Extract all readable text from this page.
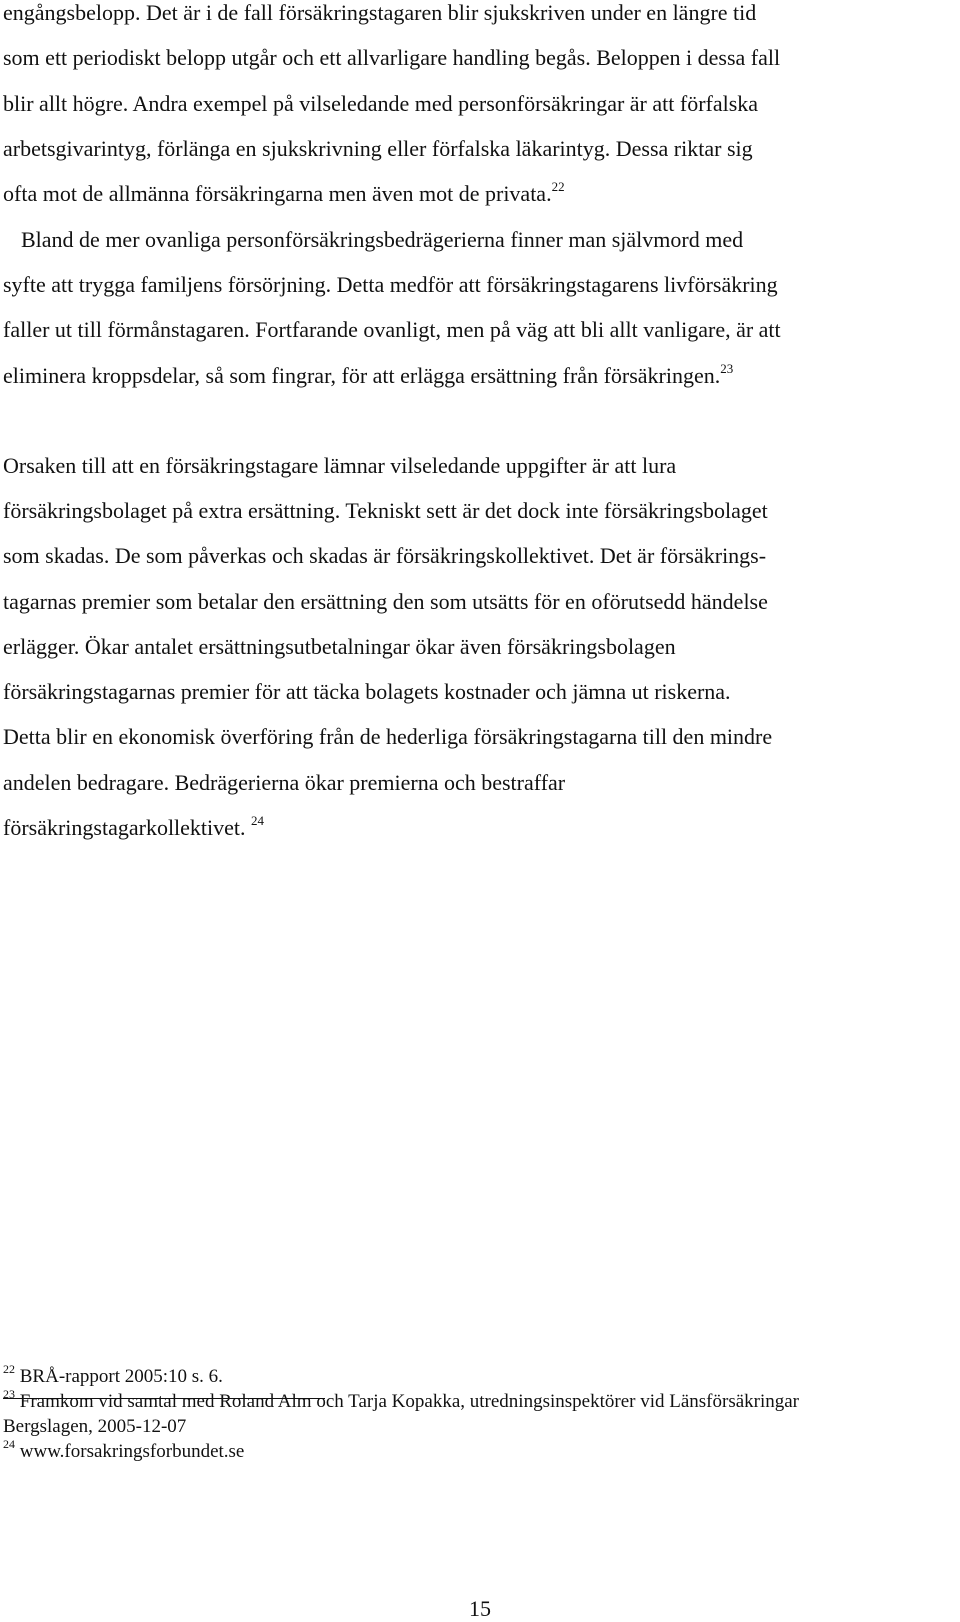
engångsbelopp. Det är i de fall försäkringstagaren blir sjukskriven under en längre tid
som ett periodiskt belopp utgår och ett allvarligare handling begås. Beloppen i dessa fall
blir allt högre. Andra exempel på vilseledande med personförsäkringar är att förfalska
arbetsgivarintyg, förlänga en sjukskrivning eller förfalska läkarintyg. Dessa riktar sig
ofta mot de allmänna försäkringarna men även mot de privata.$^{22}$
Bland de mer ovanliga personförsäkringsbedrägerierna finner man självmord med
syfte att trygga familjens försörjning. Detta medför att försäkringstagarens livförsäkring
faller ut till förmånstagaren. Fortfarande ovanligt, men på väg att bli allt vanligare, är att
eliminera kroppsdelar, så som fingrar, för att erlägga ersättning från försäkringen.$^{23}$
Orsaken till att en försäkringstagare lämnar vilseledande uppgifter är att lura
försäkringsbolaget på extra ersättning. Tekniskt sett är det dock inte försäkringsbolaget
som skadas. De som påverkas och skadas är försäkringskollektivet. Det är försäkrings-
tagarnas premier som betalar den ersättning den som utsätts för en oförutsedd händelse
erlägger. Ökar antalet ersättningsutbetalningar ökar även försäkringsbolagen
försäkringstagarnas premier för att täcka bolagets kostnader och jämna ut riskerna.
Detta blir en ekonomisk överföring från de hederliga försäkringstagarna till den mindre
andelen bedragare. Bedrägerierna ökar premierna och bestraffar
försäkringstagarkollektivet. $^{24}$
$^{22}$ BRÅ-rapport 2005:10 s. 6.
$^{23}$ Framkom vid samtal med Roland Alm och Tarja Kopakka, utredningsinspektörer vid Länsförsäkringar
Bergslagen, 2005-12-07
$^{24}$ www.forsakringsforbundet.se
15
